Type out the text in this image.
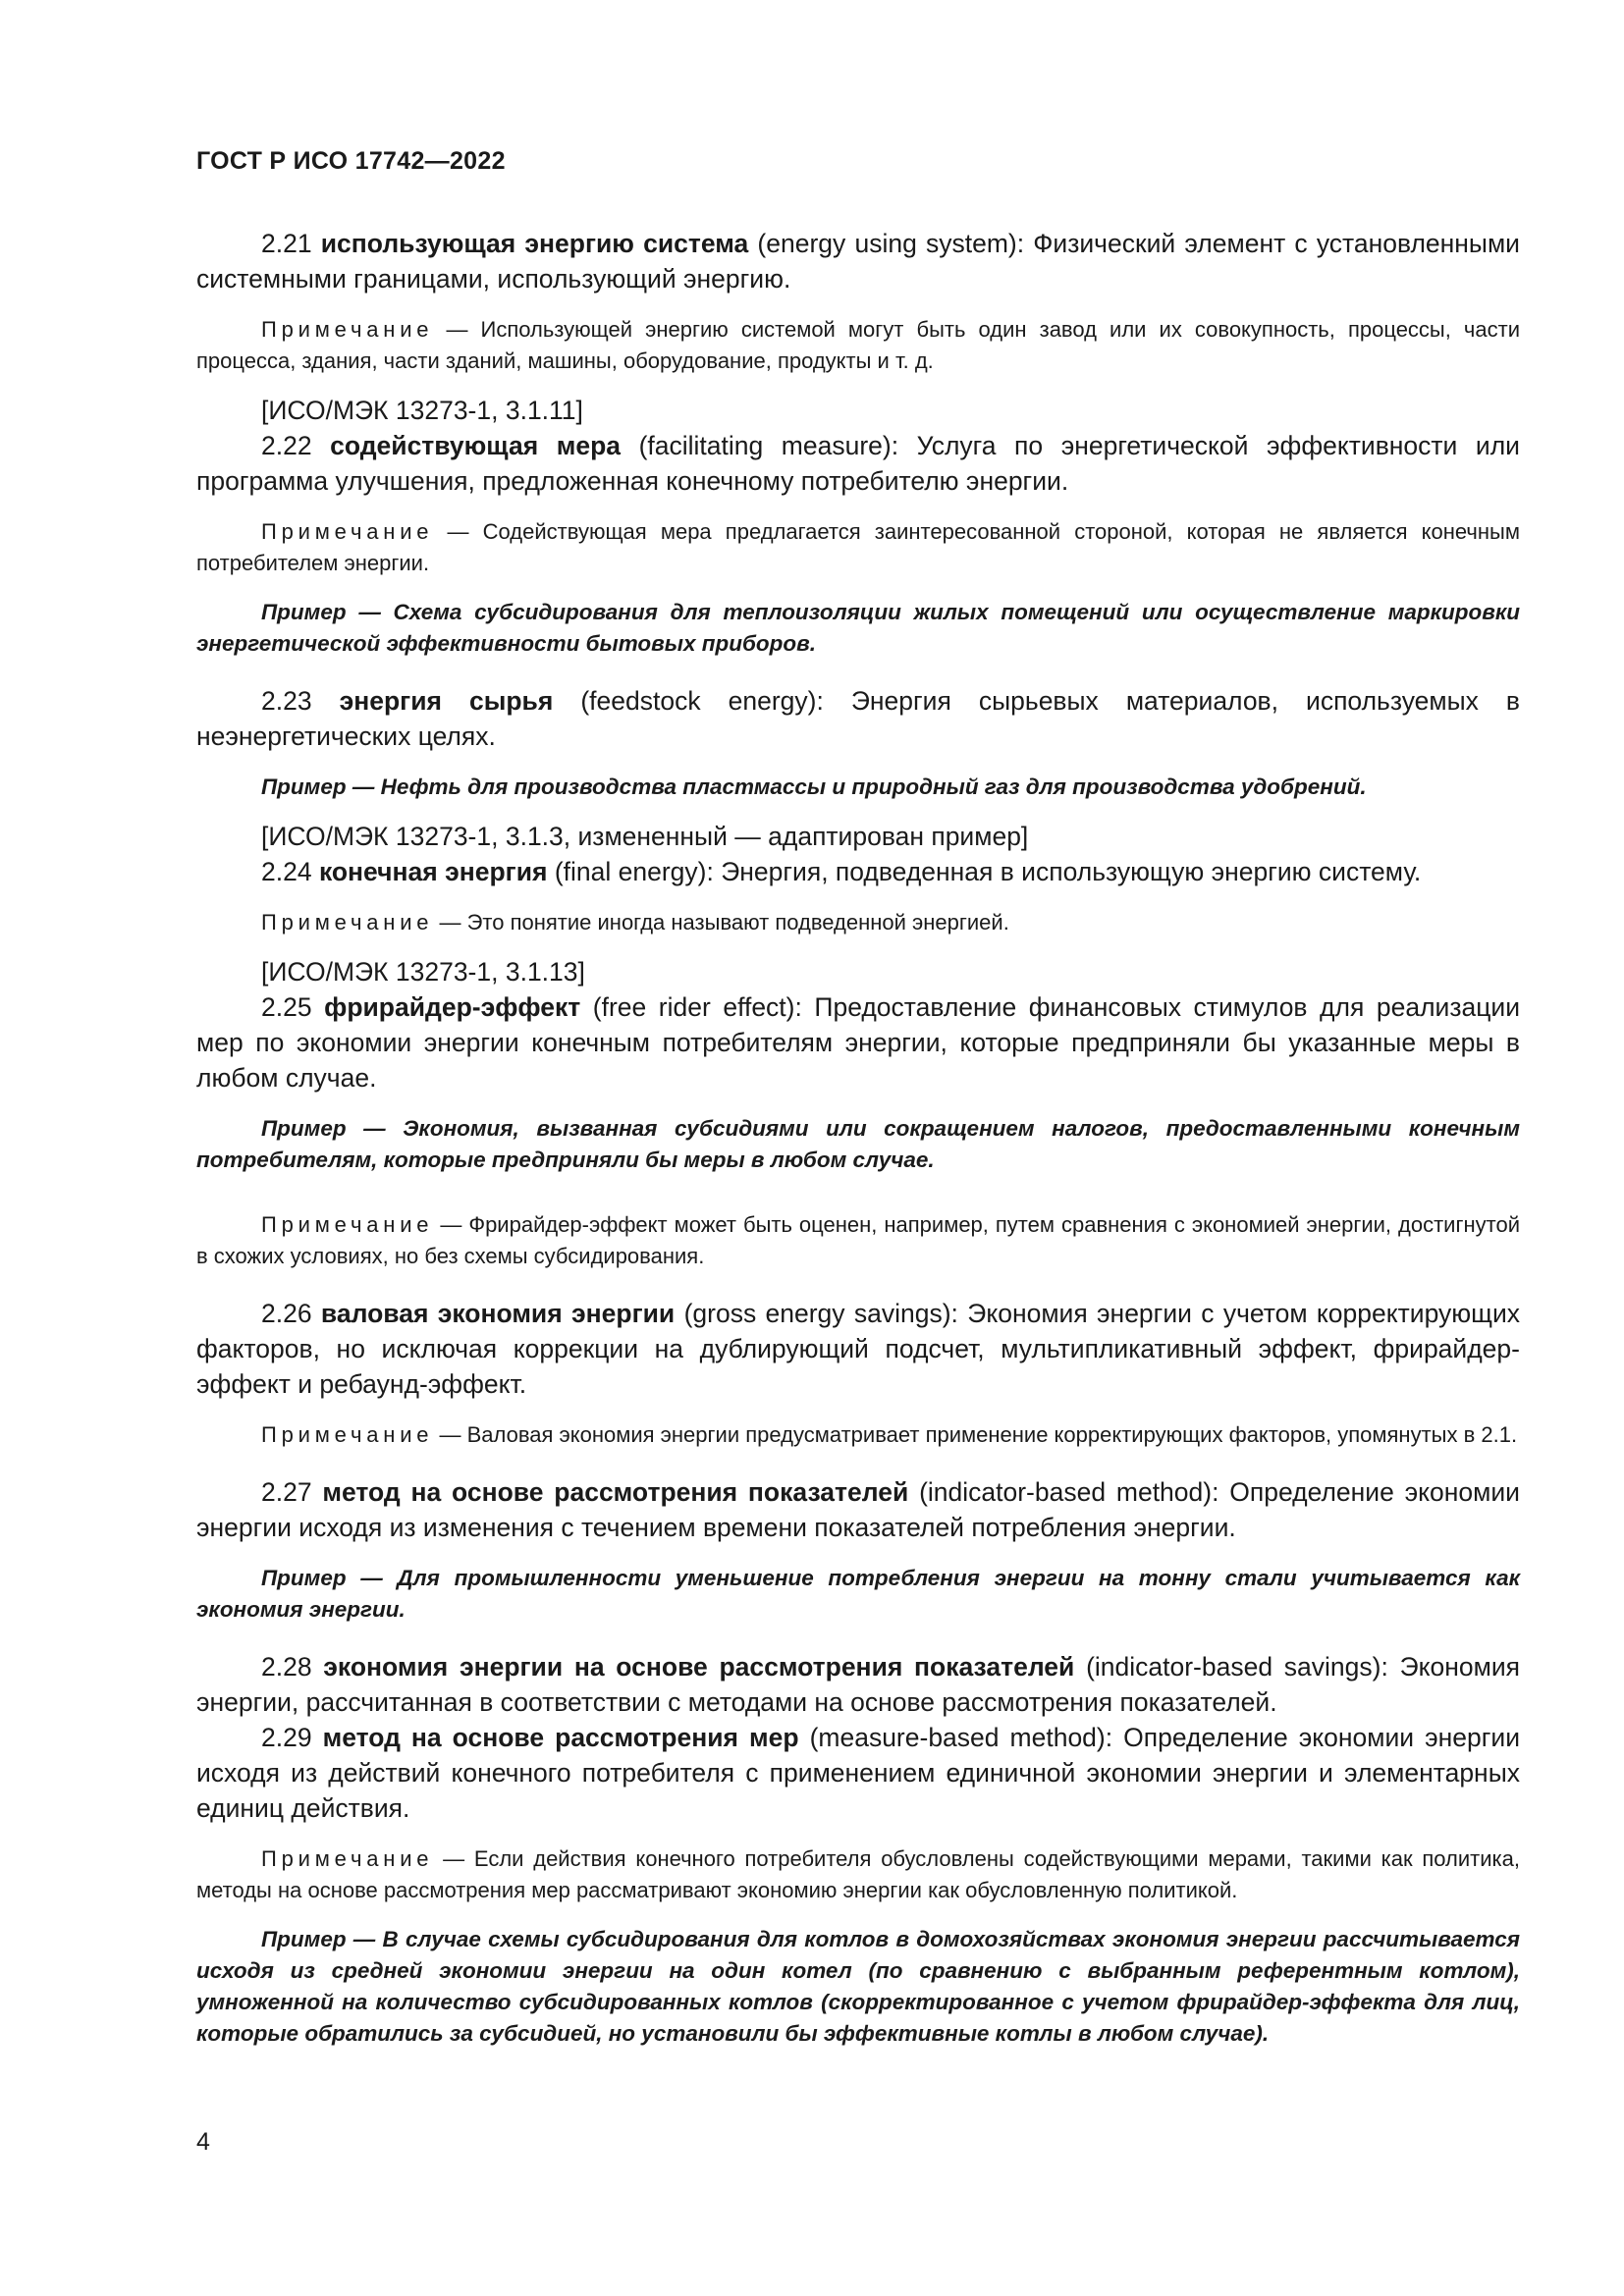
ГОСТ Р ИСО 17742—2022

2.21 использующая энергию система (energy using system): Физический элемент с установленными системными границами, использующий энергию.

Примечание — Использующей энергию системой могут быть один завод или их совокупность, процессы, части процесса, здания, части зданий, машины, оборудование, продукты и т. д.

[ИСО/МЭК 13273-1, 3.1.11]

2.22 содействующая мера (facilitating measure): Услуга по энергетической эффективности или программа улучшения, предложенная конечному потребителю энергии.

Примечание — Содействующая мера предлагается заинтересованной стороной, которая не является конечным потребителем энергии.

Пример — Схема субсидирования для теплоизоляции жилых помещений или осуществление маркировки энергетической эффективности бытовых приборов.

2.23 энергия сырья (feedstock energy): Энергия сырьевых материалов, используемых в неэнергетических целях.

Пример — Нефть для производства пластмассы и природный газ для производства удобрений.

[ИСО/МЭК 13273-1, 3.1.3, измененный — адаптирован пример]

2.24 конечная энергия (final energy): Энергия, подведенная в использующую энергию систему.

Примечание — Это понятие иногда называют подведенной энергией.

[ИСО/МЭК 13273-1, 3.1.13]

2.25 фрирайдер-эффект (free rider effect): Предоставление финансовых стимулов для реализации мер по экономии энергии конечным потребителям энергии, которые предприняли бы указанные меры в любом случае.

Пример — Экономия, вызванная субсидиями или сокращением налогов, предоставленными конечным потребителям, которые предприняли бы меры в любом случае.

Примечание — Фрирайдер-эффект может быть оценен, например, путем сравнения с экономией энергии, достигнутой в схожих условиях, но без схемы субсидирования.

2.26 валовая экономия энергии (gross energy savings): Экономия энергии с учетом корректирующих факторов, но исключая коррекции на дублирующий подсчет, мультипликативный эффект, фрирайдер-эффект и ребаунд-эффект.

Примечание — Валовая экономия энергии предусматривает применение корректирующих факторов, упомянутых в 2.1.

2.27 метод на основе рассмотрения показателей (indicator-based method): Определение экономии энергии исходя из изменения с течением времени показателей потребления энергии.

Пример — Для промышленности уменьшение потребления энергии на тонну стали учитывается как экономия энергии.

2.28 экономия энергии на основе рассмотрения показателей (indicator-based savings): Экономия энергии, рассчитанная в соответствии с методами на основе рассмотрения показателей.

2.29 метод на основе рассмотрения мер (measure-based method): Определение экономии энергии исходя из действий конечного потребителя с применением единичной экономии энергии и элементарных единиц действия.

Примечание — Если действия конечного потребителя обусловлены содействующими мерами, такими как политика, методы на основе рассмотрения мер рассматривают экономию энергии как обусловленную политикой.

Пример — В случае схемы субсидирования для котлов в домохозяйствах экономия энергии рассчитывается исходя из средней экономии энергии на один котел (по сравнению с выбранным референтным котлом), умноженной на количество субсидированных котлов (скорректированное с учетом фрирайдер-эффекта для лиц, которые обратились за субсидией, но установили бы эффективные котлы в любом случае).

4
